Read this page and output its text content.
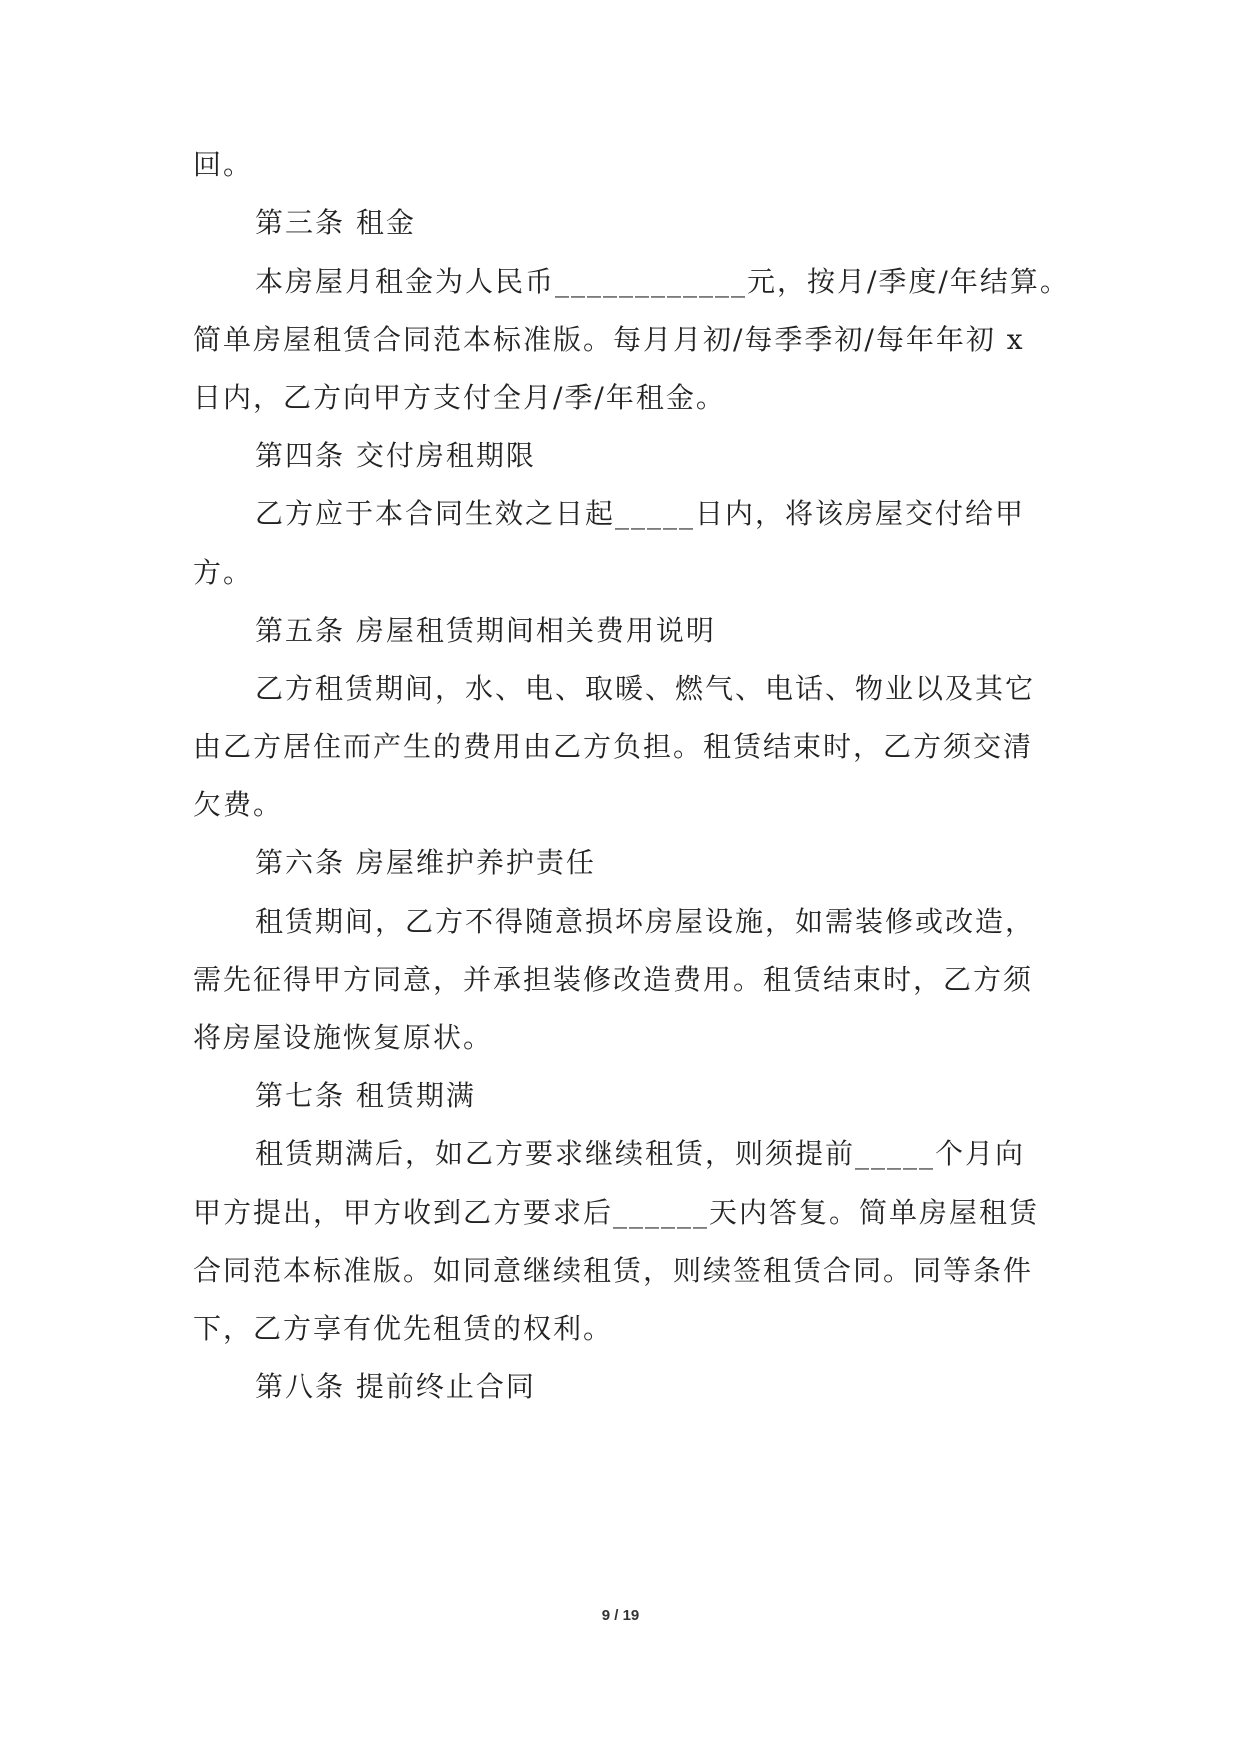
回。
第三条 租金
本房屋月租金为人民币____________元，按月/季度/年结算。
简单房屋租赁合同范本标准版。每月月初/每季季初/每年年初 x
日内，乙方向甲方支付全月/季/年租金。
第四条 交付房租期限
乙方应于本合同生效之日起_____日内，将该房屋交付给甲
方。
第五条 房屋租赁期间相关费用说明
乙方租赁期间，水、电、取暖、燃气、电话、物业以及其它
由乙方居住而产生的费用由乙方负担。租赁结束时，乙方须交清
欠费。
第六条 房屋维护养护责任
租赁期间，乙方不得随意损坏房屋设施，如需装修或改造，
需先征得甲方同意，并承担装修改造费用。租赁结束时，乙方须
将房屋设施恢复原状。
第七条 租赁期满
租赁期满后，如乙方要求继续租赁，则须提前_____个月向
甲方提出，甲方收到乙方要求后______天内答复。简单房屋租赁
合同范本标准版。如同意继续租赁，则续签租赁合同。同等条件
下，乙方享有优先租赁的权利。
第八条 提前终止合同
9 / 19
